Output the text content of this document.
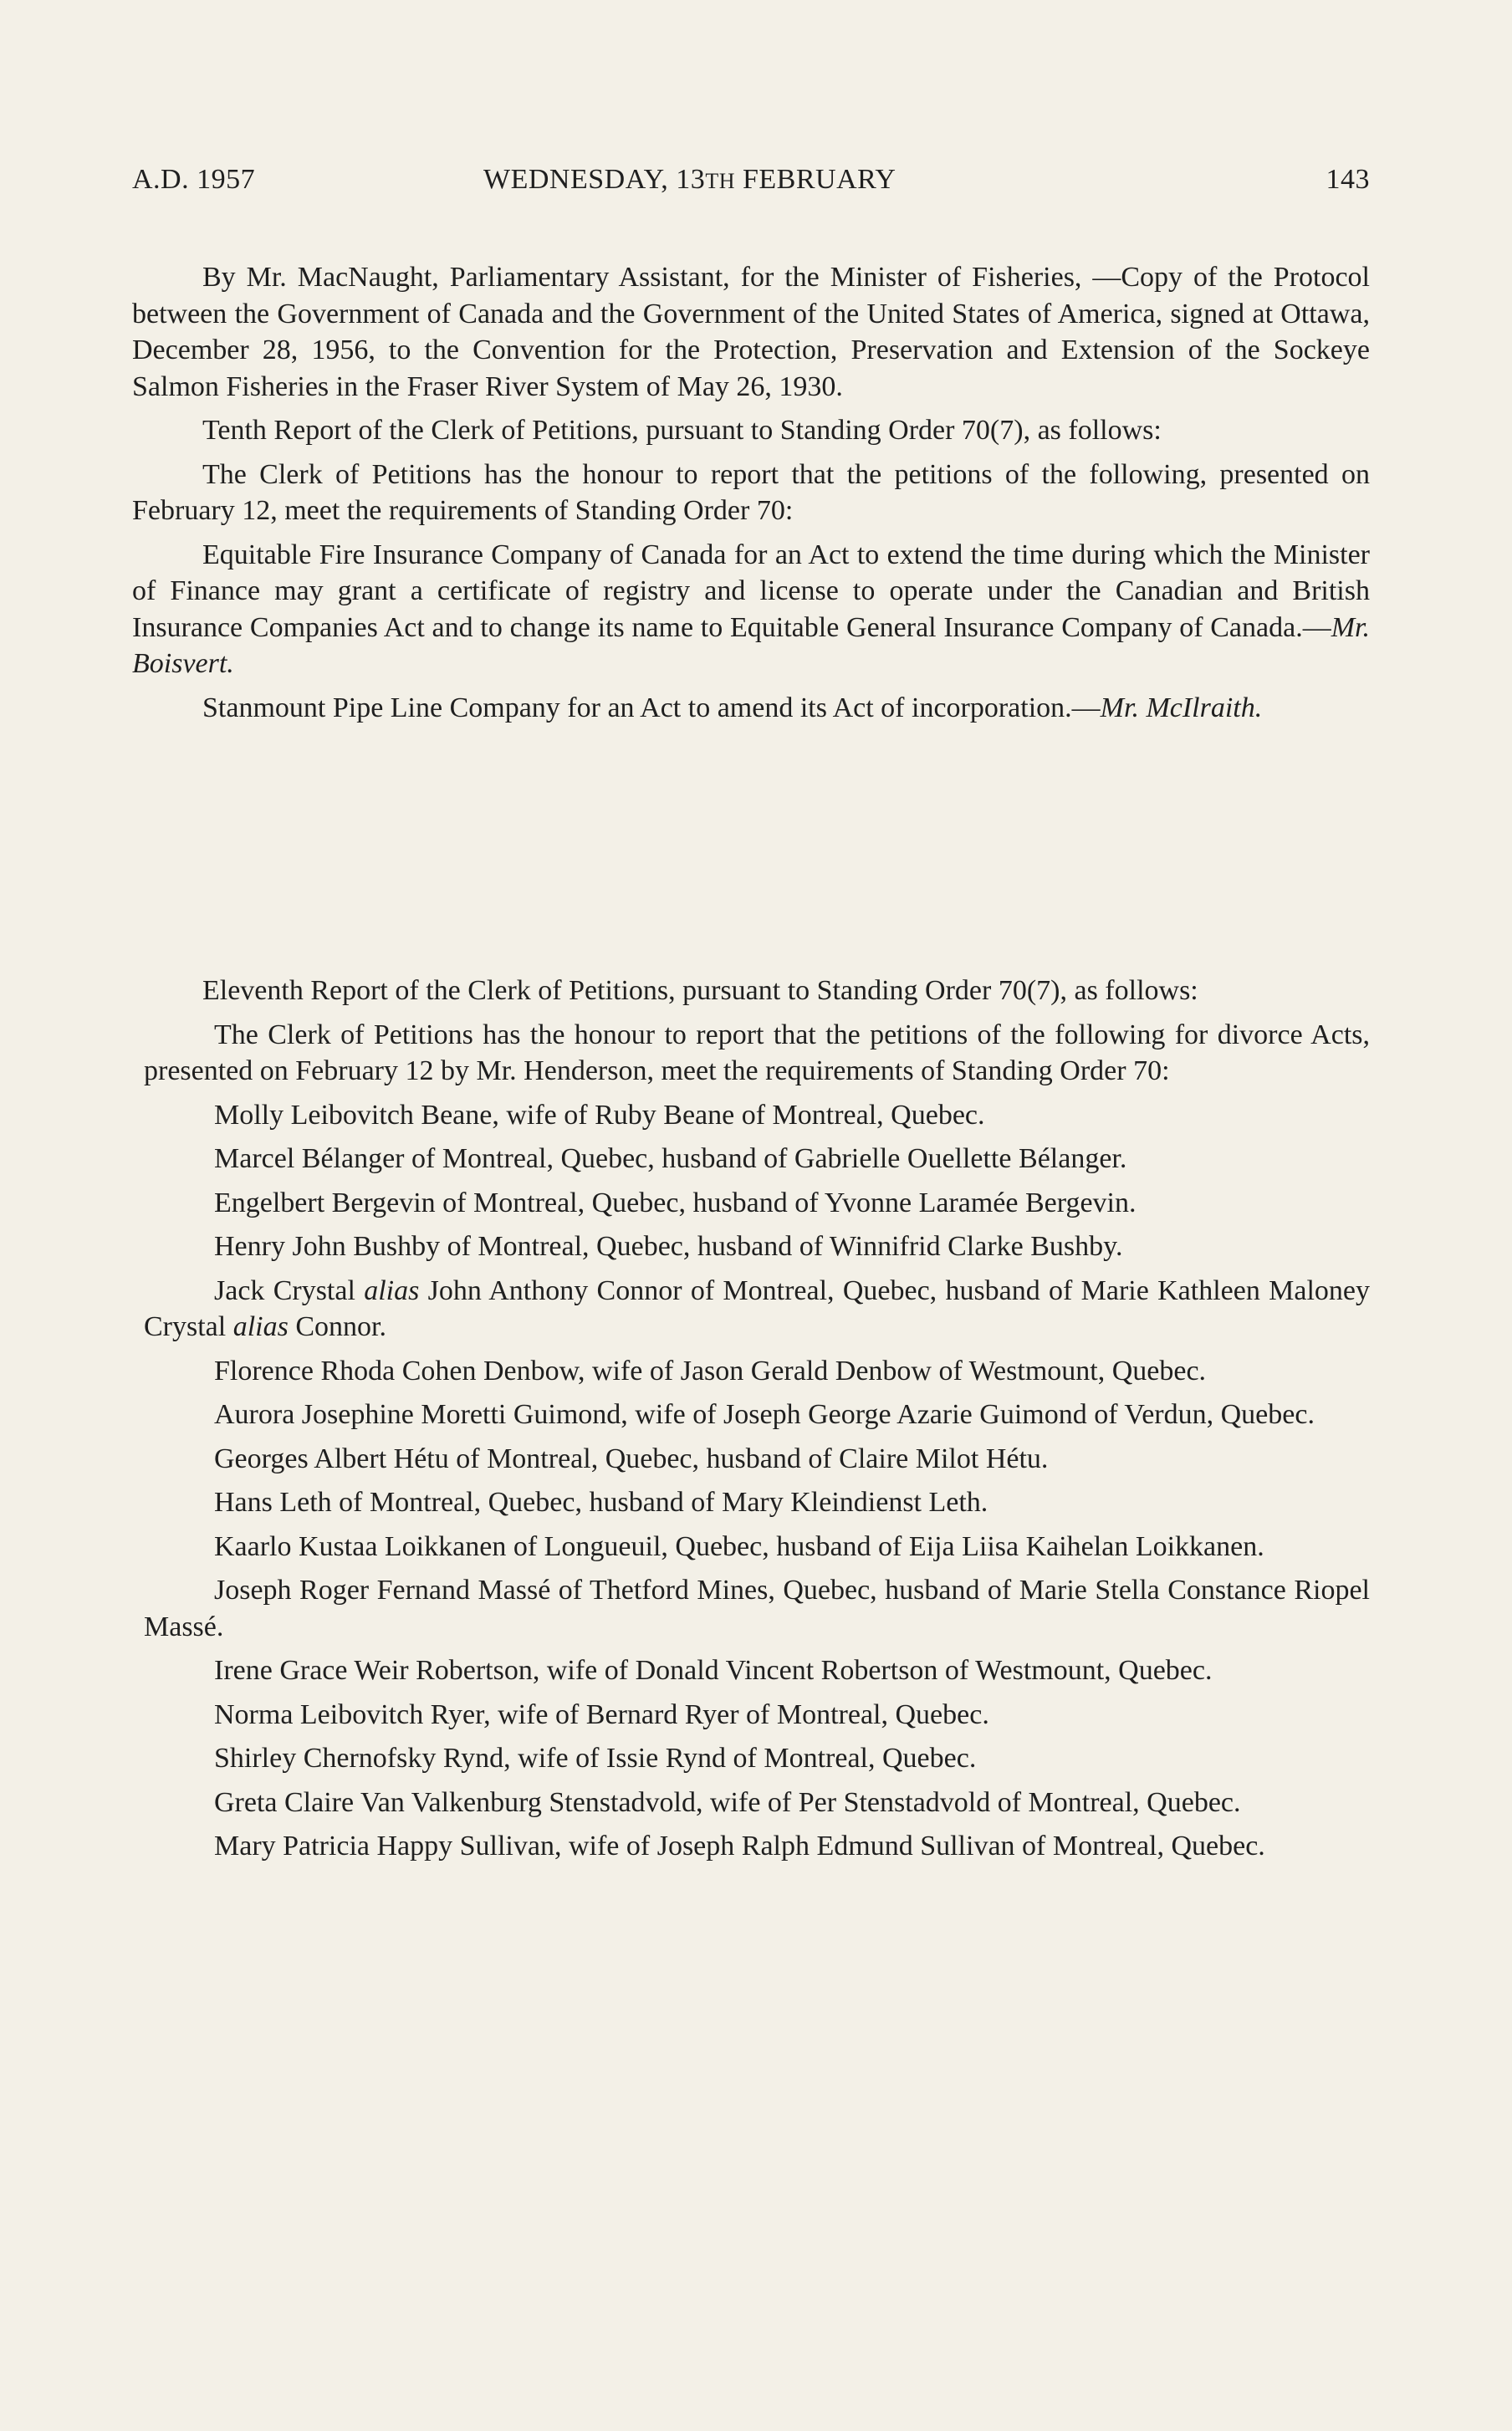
A.D. 1957	WEDNESDAY, 13TH FEBRUARY	143

By Mr. MacNaught, Parliamentary Assistant, for the Minister of Fisheries, —Copy of the Protocol between the Government of Canada and the Government of the United States of America, signed at Ottawa, December 28, 1956, to the Convention for the Protection, Preservation and Extension of the Sockeye Salmon Fisheries in the Fraser River System of May 26, 1930.

Tenth Report of the Clerk of Petitions, pursuant to Standing Order 70(7), as follows:

The Clerk of Petitions has the honour to report that the petitions of the following, presented on February 12, meet the requirements of Standing Order 70:

Equitable Fire Insurance Company of Canada for an Act to extend the time during which the Minister of Finance may grant a certificate of registry and license to operate under the Canadian and British Insurance Companies Act and to change its name to Equitable General Insurance Company of Canada.—Mr. Boisvert.

Stanmount Pipe Line Company for an Act to amend its Act of incorporation.—Mr. McIlraith.

Eleventh Report of the Clerk of Petitions, pursuant to Standing Order 70(7), as follows:

The Clerk of Petitions has the honour to report that the petitions of the following for divorce Acts, presented on February 12 by Mr. Henderson, meet the requirements of Standing Order 70:

Molly Leibovitch Beane, wife of Ruby Beane of Montreal, Quebec.

Marcel Bélanger of Montreal, Quebec, husband of Gabrielle Ouellette Bélanger.

Engelbert Bergevin of Montreal, Quebec, husband of Yvonne Laramée Bergevin.

Henry John Bushby of Montreal, Quebec, husband of Winnifrid Clarke Bushby.

Jack Crystal alias John Anthony Connor of Montreal, Quebec, husband of Marie Kathleen Maloney Crystal alias Connor.

Florence Rhoda Cohen Denbow, wife of Jason Gerald Denbow of Westmount, Quebec.

Aurora Josephine Moretti Guimond, wife of Joseph George Azarie Guimond of Verdun, Quebec.

Georges Albert Hétu of Montreal, Quebec, husband of Claire Milot Hétu.

Hans Leth of Montreal, Quebec, husband of Mary Kleindienst Leth.

Kaarlo Kustaa Loikkanen of Longueuil, Quebec, husband of Eija Liisa Kaihelan Loikkanen.

Joseph Roger Fernand Massé of Thetford Mines, Quebec, husband of Marie Stella Constance Riopel Massé.

Irene Grace Weir Robertson, wife of Donald Vincent Robertson of Westmount, Quebec.

Norma Leibovitch Ryer, wife of Bernard Ryer of Montreal, Quebec.

Shirley Chernofsky Rynd, wife of Issie Rynd of Montreal, Quebec.

Greta Claire Van Valkenburg Stenstadvold, wife of Per Stenstadvold of Montreal, Quebec.

Mary Patricia Happy Sullivan, wife of Joseph Ralph Edmund Sullivan of Montreal, Quebec.
